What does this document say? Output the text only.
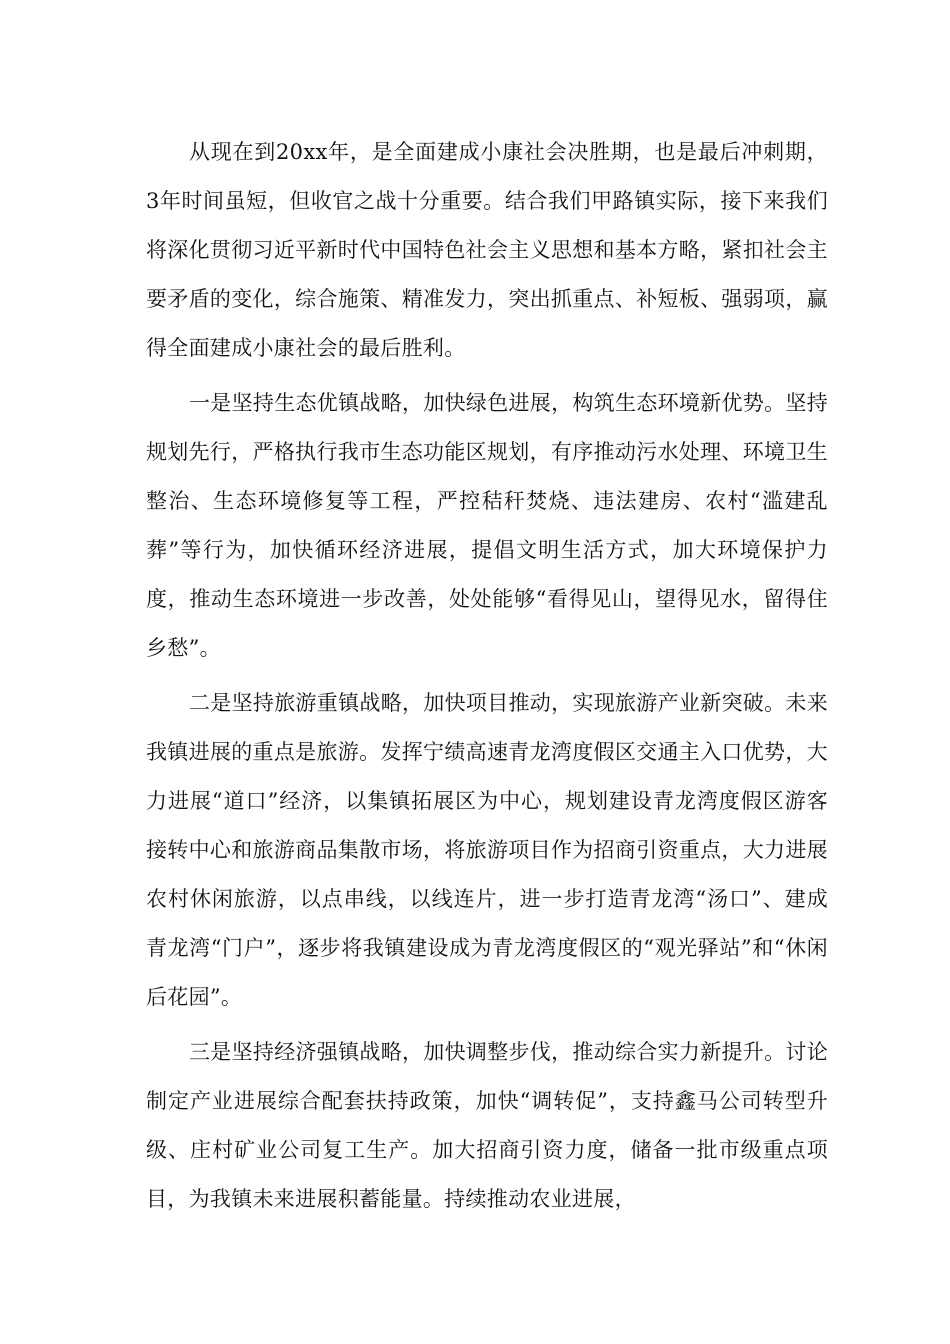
从现在到20xx年，是全面建成小康社会决胜期，也是最后冲刺期，3年时间虽短，但收官之战十分重要。结合我们甲路镇实际，接下来我们将深化贯彻习近平新时代中国特色社会主义思想和基本方略，紧扣社会主要矛盾的变化，综合施策、精准发力，突出抓重点、补短板、强弱项，赢得全面建成小康社会的最后胜利。

一是坚持生态优镇战略，加快绿色进展，构筑生态环境新优势。坚持规划先行，严格执行我市生态功能区规划，有序推动污水处理、环境卫生整治、生态环境修复等工程，严控秸秆焚烧、违法建房、农村“滥建乱葬”等行为，加快循环经济进展，提倡文明生活方式，加大环境保护力度，推动生态环境进一步改善，处处能够“看得见山，望得见水，留得住乡愁”。

二是坚持旅游重镇战略，加快项目推动，实现旅游产业新突破。未来我镇进展的重点是旅游。发挥宁绩高速青龙湾度假区交通主入口优势，大力进展“道口”经济，以集镇拓展区为中心，规划建设青龙湾度假区游客接转中心和旅游商品集散市场，将旅游项目作为招商引资重点，大力进展农村休闲旅游，以点串线，以线连片，进一步打造青龙湾“汤口”、建成青龙湾“门户”，逐步将我镇建设成为青龙湾度假区的“观光驿站”和“休闲后花园”。

三是坚持经济强镇战略，加快调整步伐，推动综合实力新提升。讨论制定产业进展综合配套扶持政策，加快“调转促”，支持鑫马公司转型升级、庄村矿业公司复工生产。加大招商引资力度，储备一批市级重点项目，为我镇未来进展积蓄能量。持续推动农业进展，
